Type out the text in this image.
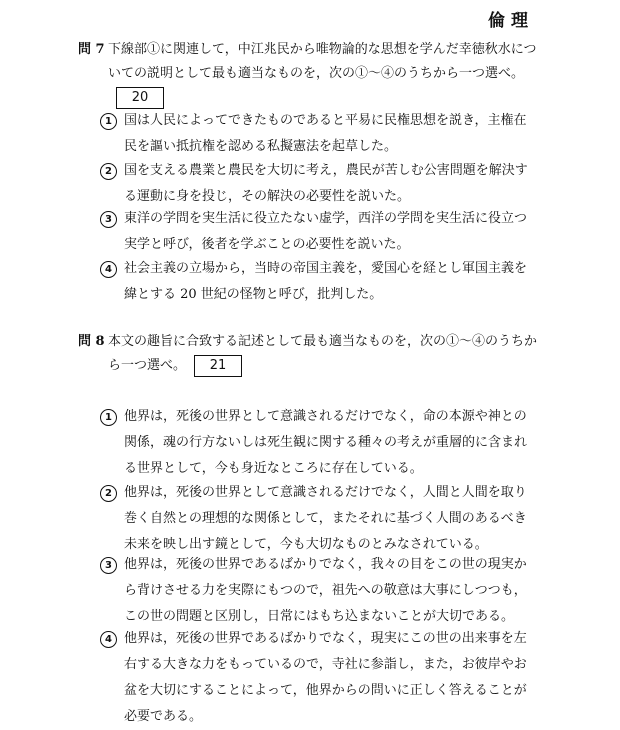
倫理
問 7 下線部①に関連して，中江兆民から唯物論的な思想を学んだ幸徳秋水についての説明として最も適当なものを，次の①～④のうちから一つ選べ。20
1 国は人民によってできたものであると平易に民権思想を説き，主権在民を謳い抵抗権を認める私擬憲法を起草した。
2 国を支える農業と農民を大切に考え，農民が苦しむ公害問題を解決する運動に身を投じ，その解決の必要性を説いた。
3 東洋の学問を実生活に役立たない虚学，西洋の学問を実生活に役立つ実学と呼び，後者を学ぶことの必要性を説いた。
4 社会主義の立場から，当時の帝国主義を，愛国心を経とし軍国主義を緯とする 20 世紀の怪物と呼び，批判した。
問 8 本文の趣旨に合致する記述として最も適当なものを，次の①～④のうちから一つ選べ。 21
1 他界は，死後の世界として意識されるだけでなく，命の本源や神との関係，魂の行方ないしは死生観に関する種々の考えが重層的に含まれる世界として，今も身近なところに存在している。
2 他界は，死後の世界として意識されるだけでなく，人間と人間を取り巻く自然との理想的な関係として，またそれに基づく人間のあるべき未来を映し出す鏡として，今も大切なものとみなされている。
3 他界は，死後の世界であるばかりでなく，我々の目をこの世の現実から背けさせる力を実際にもつので，祖先への敬意は大事にしつつも，この世の問題と区別し，日常にはもち込まないことが大切である。
4 他界は，死後の世界であるばかりでなく，現実にこの世の出来事を左右する大きな力をもっているので，寺社に参詣し，また，お彼岸やお盆を大切にすることによって，他界からの問いに正しく答えることが必要である。
